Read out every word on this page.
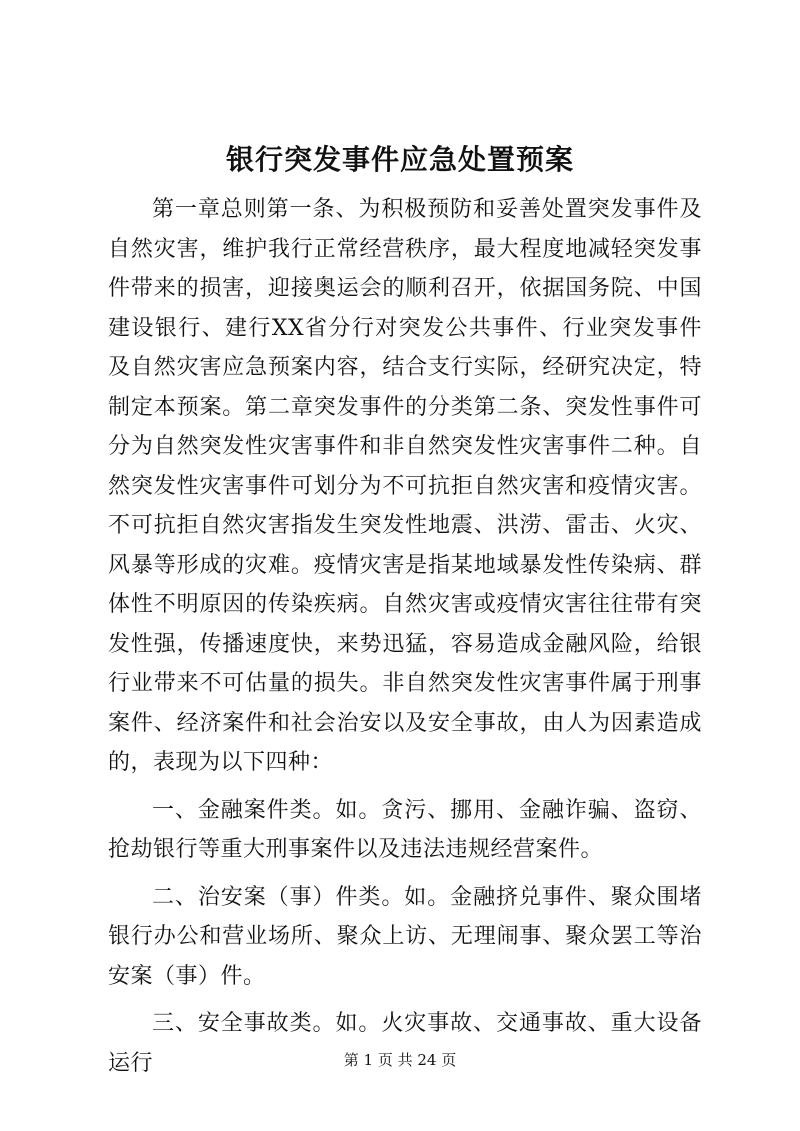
银行突发事件应急处置预案

第一章总则第一条、为积极预防和妥善处置突发事件及自然灾害，维护我行正常经营秩序，最大程度地减轻突发事件带来的损害，迎接奥运会的顺利召开，依据国务院、中国建设银行、建行XX省分行对突发公共事件、行业突发事件及自然灾害应急预案内容，结合支行实际，经研究决定，特制定本预案。第二章突发事件的分类第二条、突发性事件可分为自然突发性灾害事件和非自然突发性灾害事件二种。自然突发性灾害事件可划分为不可抗拒自然灾害和疫情灾害。不可抗拒自然灾害指发生突发性地震、洪涝、雷击、火灾、风暴等形成的灾难。疫情灾害是指某地域暴发性传染病、群体性不明原因的传染疾病。自然灾害或疫情灾害往往带有突发性强，传播速度快，来势迅猛，容易造成金融风险，给银行业带来不可估量的损失。非自然突发性灾害事件属于刑事案件、经济案件和社会治安以及安全事故，由人为因素造成的，表现为以下四种：

一、金融案件类。如。贪污、挪用、金融诈骗、盗窃、抢劫银行等重大刑事案件以及违法违规经营案件。

二、治安案（事）件类。如。金融挤兑事件、聚众围堵银行办公和营业场所、聚众上访、无理闹事、聚众罢工等治安案（事）件。

三、安全事故类。如。火灾事故、交通事故、重大设备运行	第 1 页 共 24 页
